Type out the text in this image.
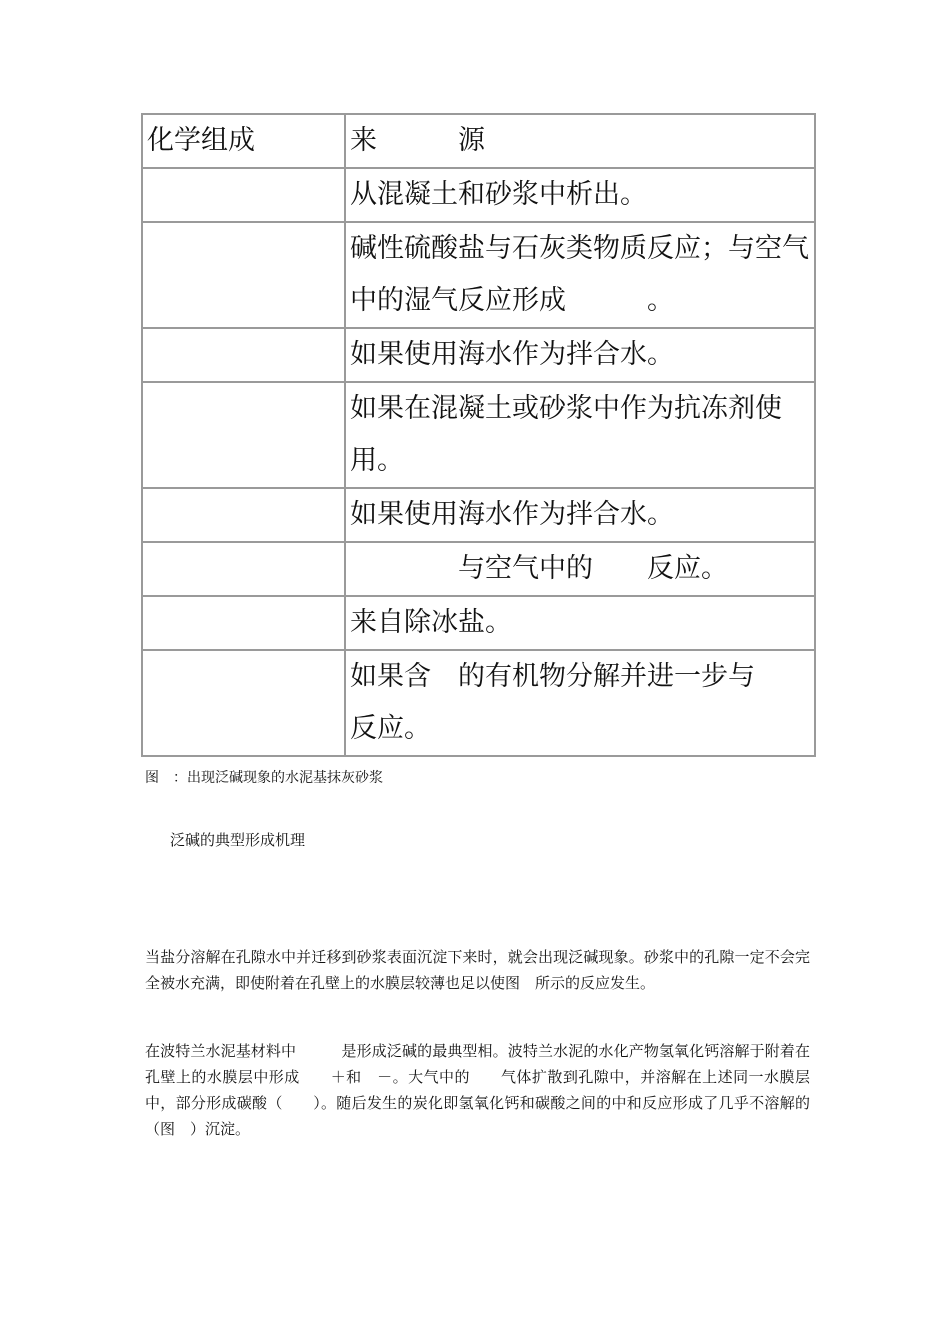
化学组成	来　　　源
	从混凝土和砂浆中析出。
	碱性硫酸盐与石灰类物质反应；与空气中的湿气反应形成　　　。
	如果使用海水作为拌合水。
	如果在混凝土或砂浆中作为抗冻剂使用。
	如果使用海水作为拌合水。
	　　　　与空气中的　　反应。
	来自除冰盐。
	如果含　的有机物分解并进一步与　　反应。
图　：出现泛碱现象的水泥基抹灰砂浆
泛碱的典型形成机理
当盐分溶解在孔隙水中并迁移到砂浆表面沉淀下来时，就会出现泛碱现象。砂浆中的孔隙一定不会完全被水充满，即使附着在孔壁上的水膜层较薄也足以使图　所示的反应发生。
在波特兰水泥基材料中　　　是形成泛碱的最典型相。波特兰水泥的水化产物氢氧化钙溶解于附着在孔壁上的水膜层中形成　　＋和　－。大气中的　　气体扩散到孔隙中，并溶解在上述同一水膜层中，部分形成碳酸（　　）。随后发生的炭化即氢氧化钙和碳酸之间的中和反应形成了几乎不溶解的　　　（图　）沉淀。
